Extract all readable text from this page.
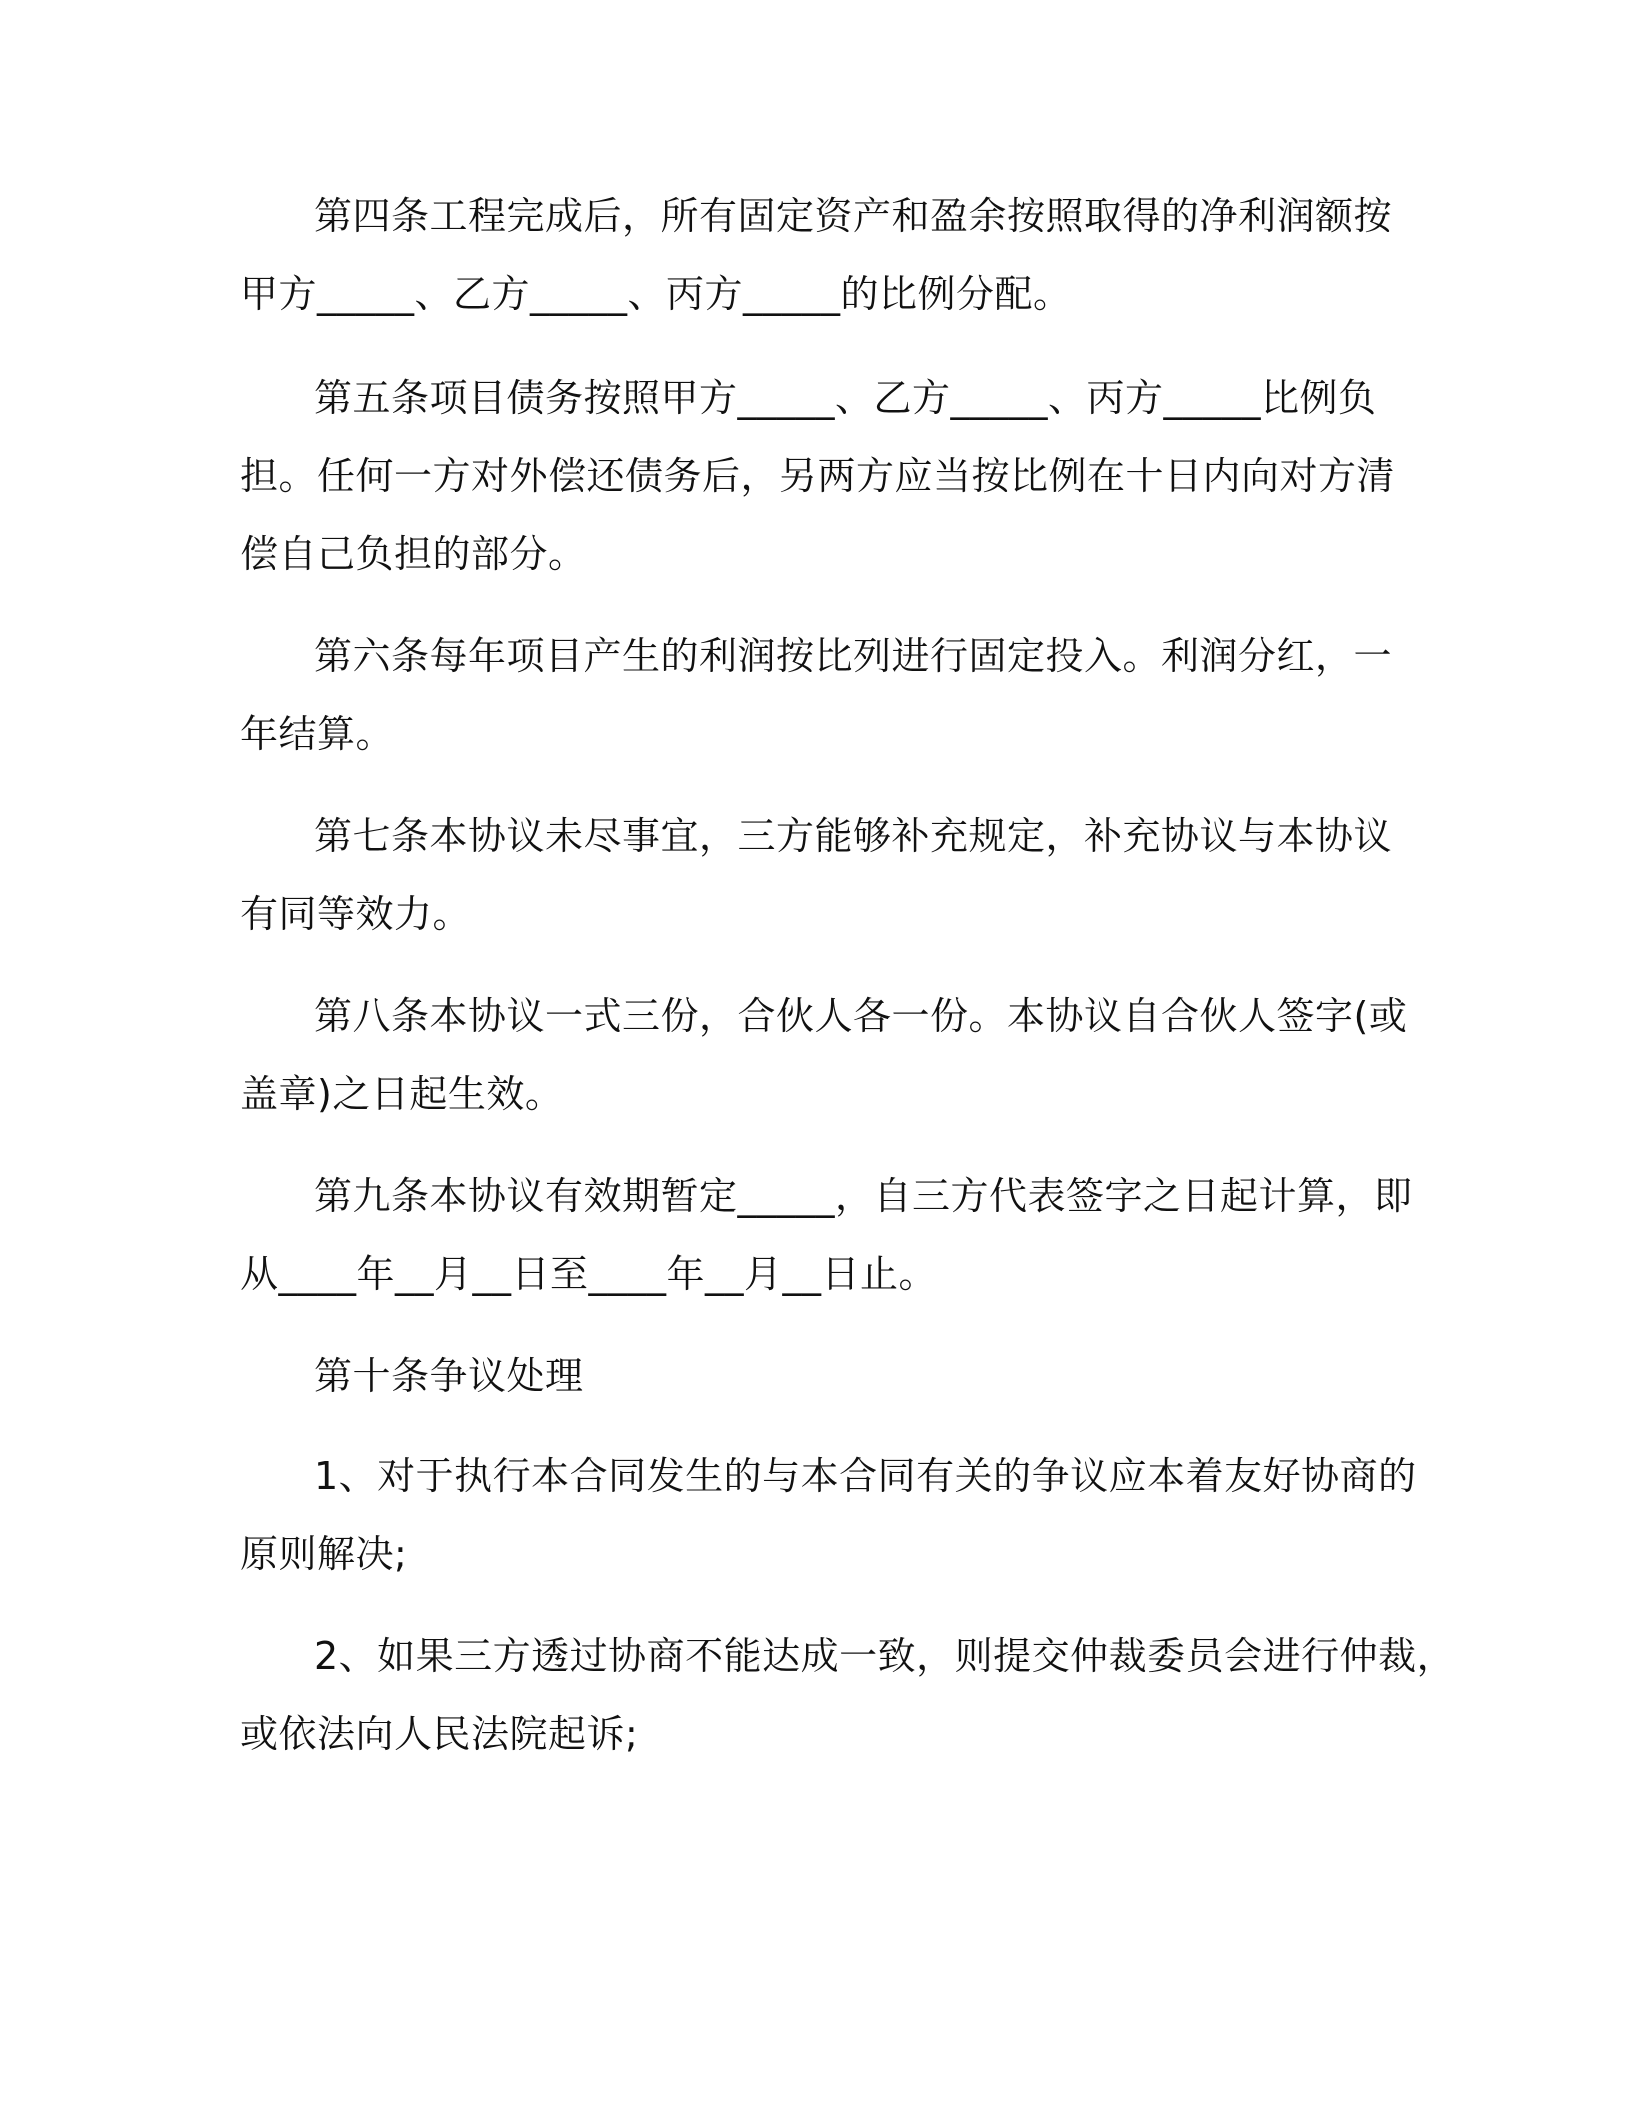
第四条工程完成后，所有固定资产和盈余按照取得的净利润额按
甲方_____、乙方_____、丙方_____的比例分配。
第五条项目债务按照甲方_____、乙方_____、丙方_____比例负
担。任何一方对外偿还债务后，另两方应当按比例在十日内向对方清
偿自己负担的部分。
第六条每年项目产生的利润按比列进行固定投入。利润分红，一
年结算。
第七条本协议未尽事宜，三方能够补充规定，补充协议与本协议
有同等效力。
第八条本协议一式三份，合伙人各一份。本协议自合伙人签字(或
盖章)之日起生效。
第九条本协议有效期暂定_____，自三方代表签字之日起计算，即
从____年__月__日至____年__月__日止。
第十条争议处理
1、对于执行本合同发生的与本合同有关的争议应本着友好协商的
原则解决;
2、如果三方透过协商不能达成一致，则提交仲裁委员会进行仲裁，
或依法向人民法院起诉;
